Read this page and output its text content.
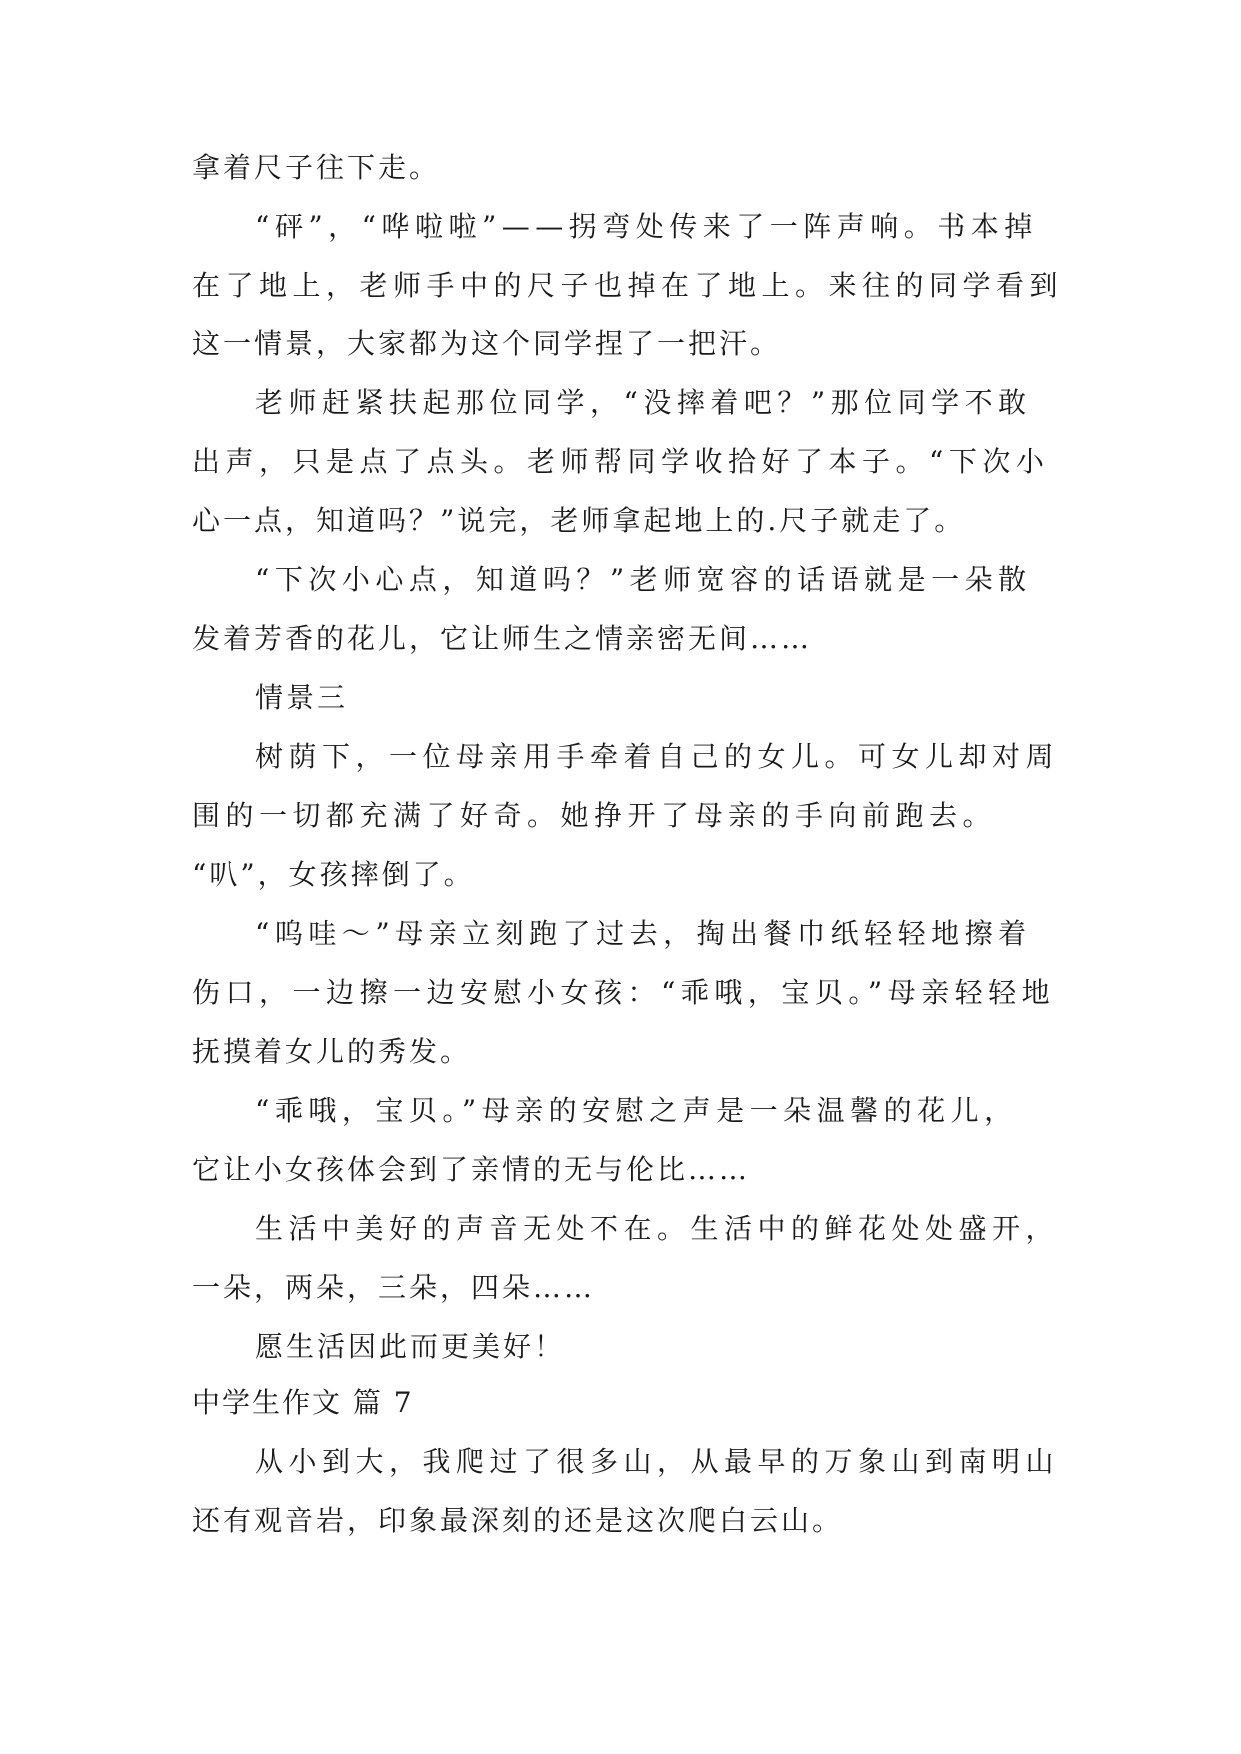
拿着尺子往下走。
“砰”，“哗啦啦”——拐弯处传来了一阵声响。书本掉
在了地上，老师手中的尺子也掉在了地上。来往的同学看到
这一情景，大家都为这个同学捏了一把汗。
老师赶紧扶起那位同学，“没摔着吧？”那位同学不敢
出声，只是点了点头。老师帮同学收拾好了本子。“下次小
心一点，知道吗？”说完，老师拿起地上的.尺子就走了。
“下次小心点，知道吗？”老师宽容的话语就是一朵散
发着芳香的花儿，它让师生之情亲密无间……
情景三
树荫下，一位母亲用手牵着自己的女儿。可女儿却对周
围的一切都充满了好奇。她挣开了母亲的手向前跑去。
“叭”，女孩摔倒了。
“呜哇～”母亲立刻跑了过去，掏出餐巾纸轻轻地擦着
伤口，一边擦一边安慰小女孩：“乖哦，宝贝。”母亲轻轻地
抚摸着女儿的秀发。
“乖哦，宝贝。”母亲的安慰之声是一朵温馨的花儿，
它让小女孩体会到了亲情的无与伦比……
生活中美好的声音无处不在。生活中的鲜花处处盛开，
一朵，两朵，三朵，四朵……
愿生活因此而更美好！
中学生作文 篇 7
从小到大，我爬过了很多山，从最早的万象山到南明山
还有观音岩，印象最深刻的还是这次爬白云山。
